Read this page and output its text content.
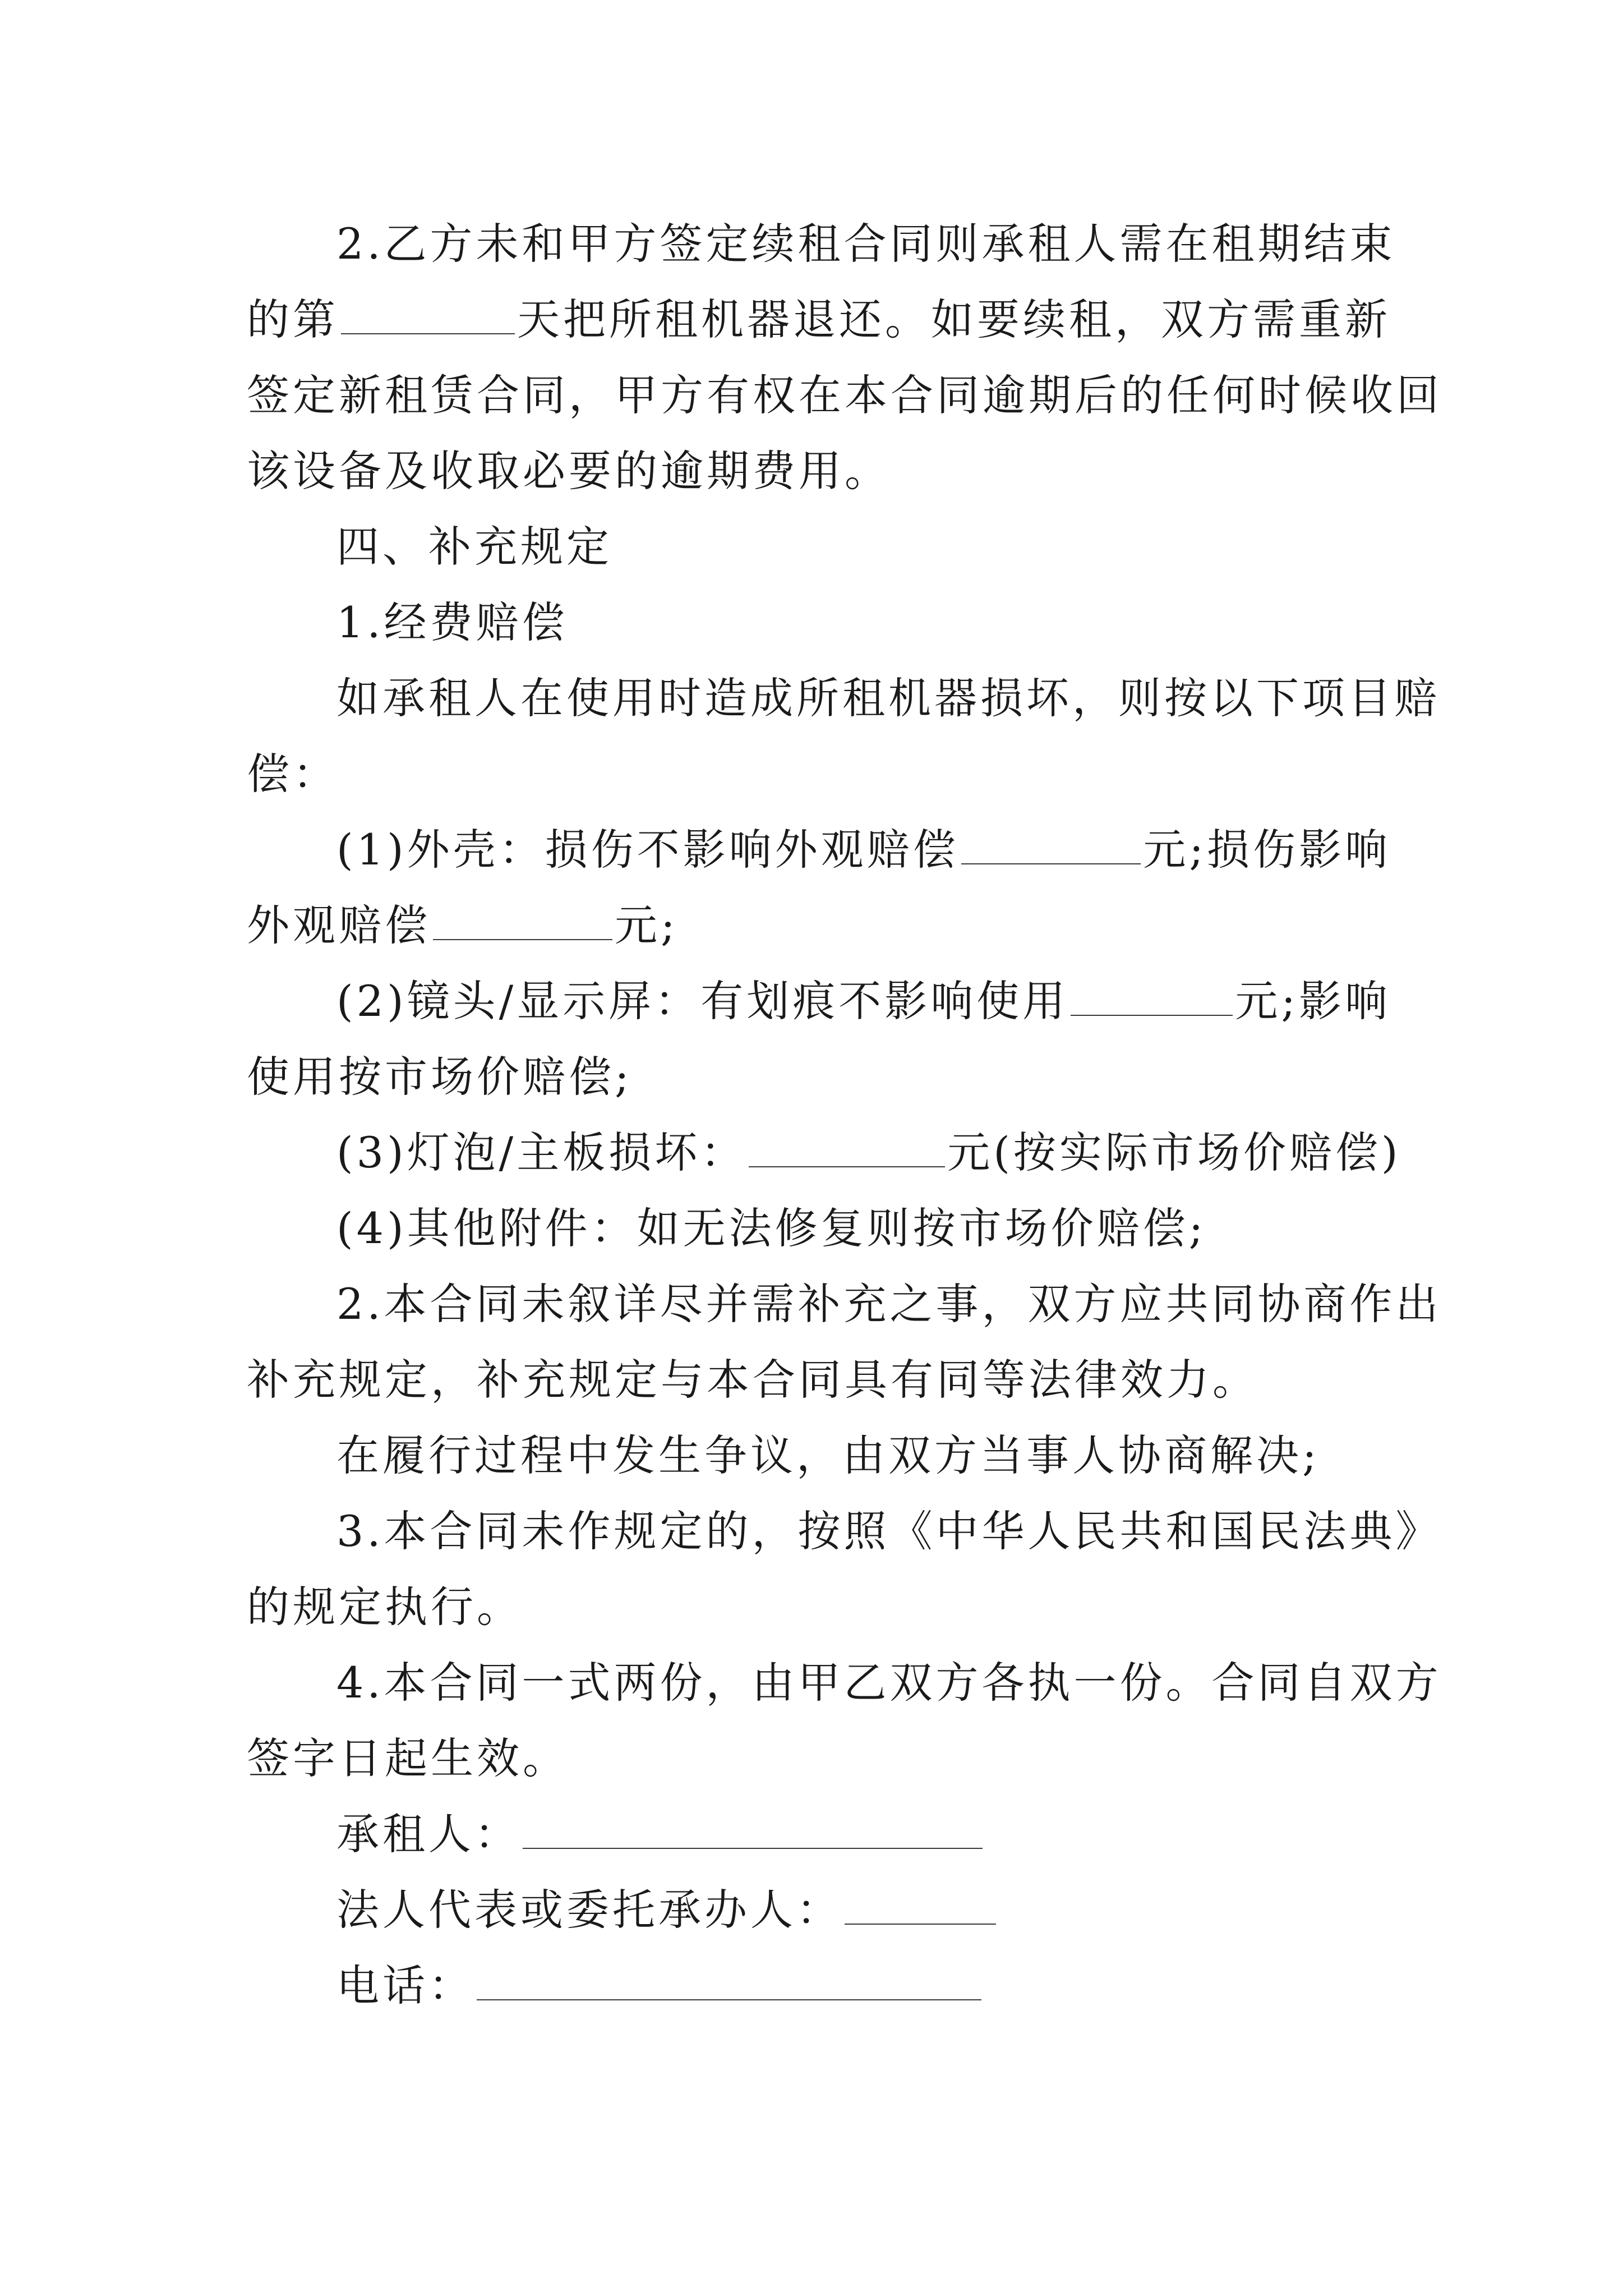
2.乙方未和甲方签定续租合同则承租人需在租期结束
的第	天把所租机器退还。如要续租，双方需重新
签定新租赁合同，甲方有权在本合同逾期后的任何时候收回
该设备及收取必要的逾期费用。
四、补充规定
1.经费赔偿
如承租人在使用时造成所租机器损坏，则按以下项目赔
偿：
(1)外壳：损伤不影响外观赔偿	元;损伤影响
外观赔偿	元;
(2)镜头/显示屏：有划痕不影响使用	元;影响
使用按市场价赔偿;
(3)灯泡/主板损坏：	元(按实际市场价赔偿)
(4)其他附件：如无法修复则按市场价赔偿;
2.本合同未叙详尽并需补充之事，双方应共同协商作出
补充规定，补充规定与本合同具有同等法律效力。
在履行过程中发生争议，由双方当事人协商解决;
3.本合同未作规定的，按照《中华人民共和国民法典》
的规定执行。
4.本合同一式两份，由甲乙双方各执一份。合同自双方
签字日起生效。
承租人：
法人代表或委托承办人：
电话：
